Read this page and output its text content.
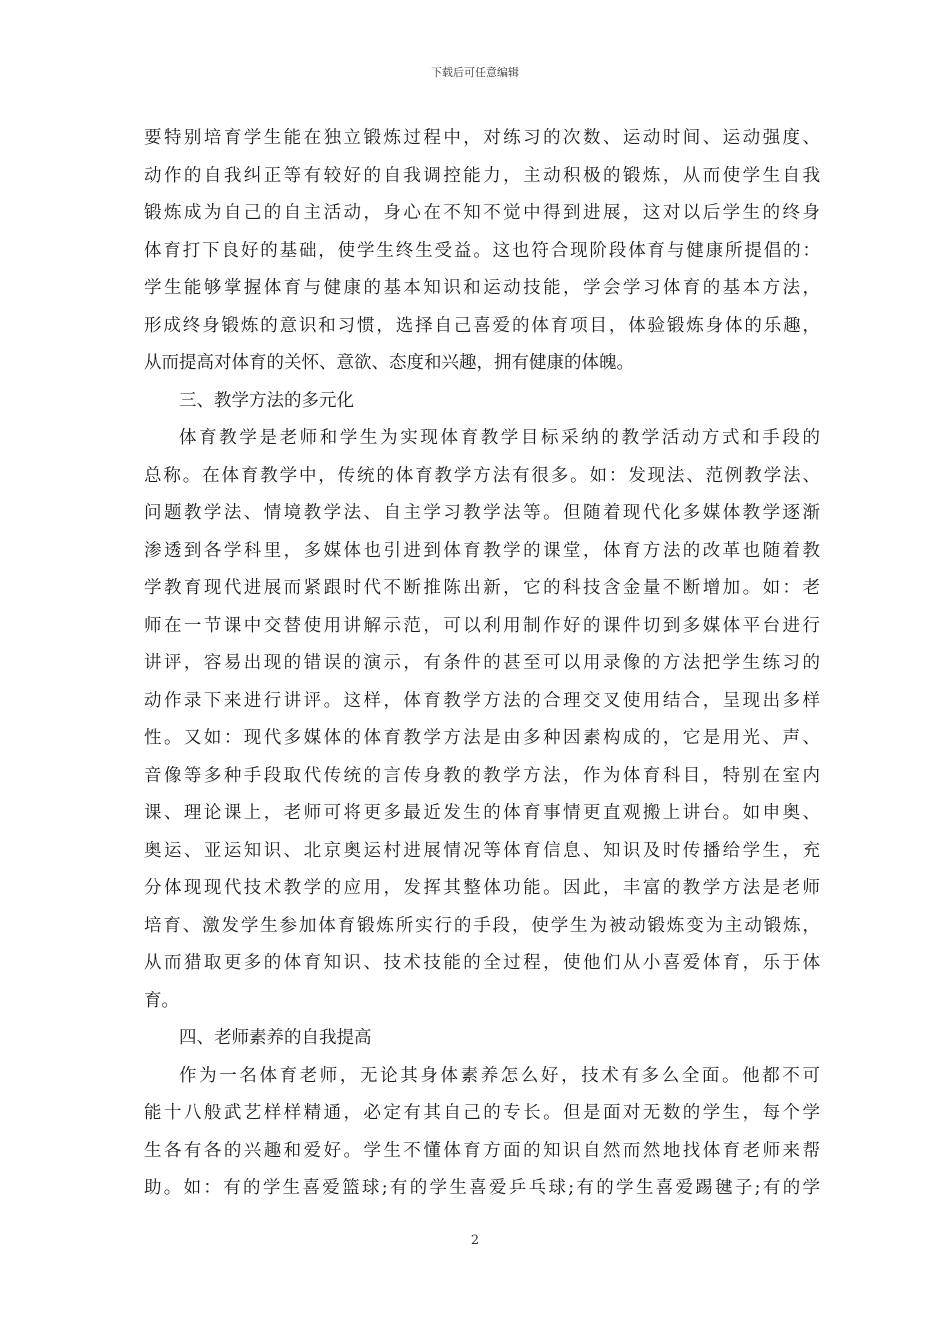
下载后可任意编辑
要特别培育学生能在独立锻炼过程中，对练习的次数、运动时间、运动强度、
动作的自我纠正等有较好的自我调控能力，主动积极的锻炼，从而使学生自我
锻炼成为自己的自主活动，身心在不知不觉中得到进展，这对以后学生的终身
体育打下良好的基础，使学生终生受益。这也符合现阶段体育与健康所提倡的：
学生能够掌握体育与健康的基本知识和运动技能，学会学习体育的基本方法，
形成终身锻炼的意识和习惯，选择自己喜爱的体育项目，体验锻炼身体的乐趣，
从而提高对体育的关怀、意欲、态度和兴趣，拥有健康的体魄。
三、教学方法的多元化
体育教学是老师和学生为实现体育教学目标采纳的教学活动方式和手段的
总称。在体育教学中，传统的体育教学方法有很多。如：发现法、范例教学法、
问题教学法、情境教学法、自主学习教学法等。但随着现代化多媒体教学逐渐
渗透到各学科里，多媒体也引进到体育教学的课堂，体育方法的改革也随着教
学教育现代进展而紧跟时代不断推陈出新，它的科技含金量不断增加。如：老
师在一节课中交替使用讲解示范，可以利用制作好的课件切到多媒体平台进行
讲评，容易出现的错误的演示，有条件的甚至可以用录像的方法把学生练习的
动作录下来进行讲评。这样，体育教学方法的合理交叉使用结合，呈现出多样
性。又如：现代多媒体的体育教学方法是由多种因素构成的，它是用光、声、
音像等多种手段取代传统的言传身教的教学方法，作为体育科目，特别在室内
课、理论课上，老师可将更多最近发生的体育事情更直观搬上讲台。如申奥、
奥运、亚运知识、北京奥运村进展情况等体育信息、知识及时传播给学生，充
分体现现代技术教学的应用，发挥其整体功能。因此，丰富的教学方法是老师
培育、激发学生参加体育锻炼所实行的手段，使学生为被动锻炼变为主动锻炼，
从而猎取更多的体育知识、技术技能的全过程，使他们从小喜爱体育，乐于体
育。
四、老师素养的自我提高
作为一名体育老师，无论其身体素养怎么好，技术有多么全面。他都不可
能十八般武艺样样精通，必定有其自己的专长。但是面对无数的学生，每个学
生各有各的兴趣和爱好。学生不懂体育方面的知识自然而然地找体育老师来帮
助。如：有的学生喜爱篮球;有的学生喜爱乒乓球;有的学生喜爱踢毽子;有的学
2
